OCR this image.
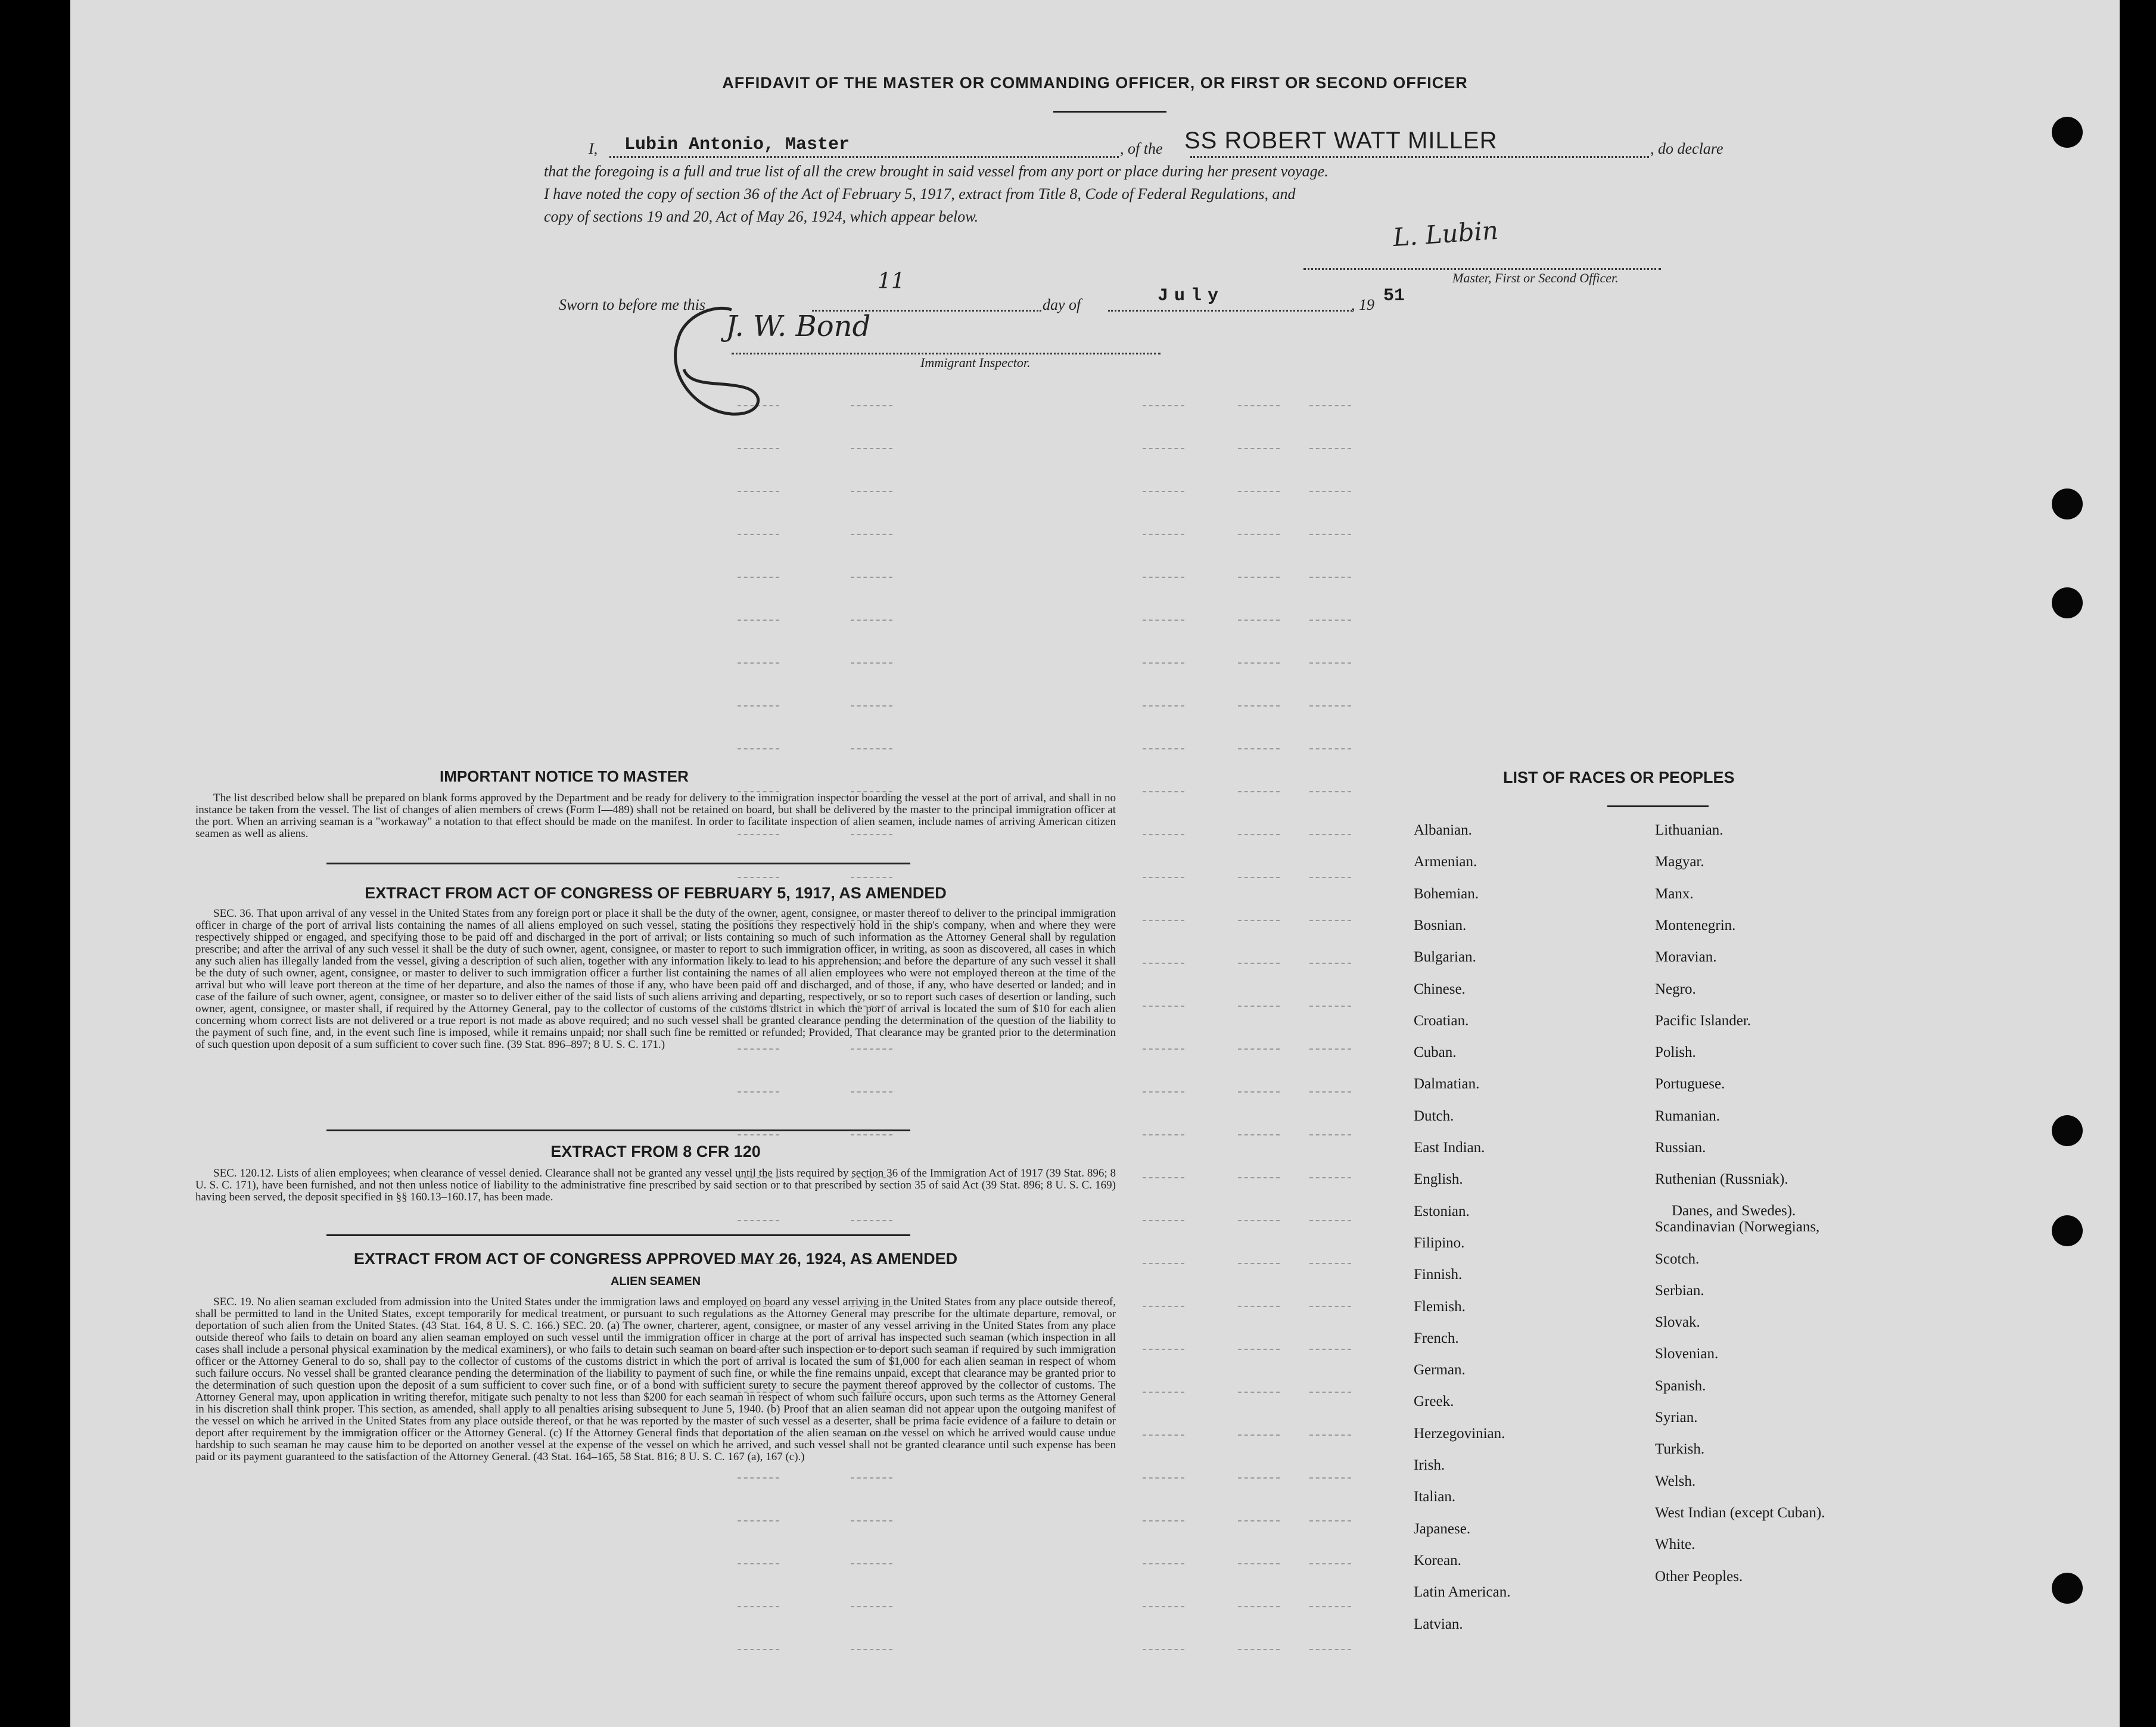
AFFIDAVIT OF THE MASTER OR COMMANDING OFFICER, OR FIRST OR SECOND OFFICER
I, Lubin Antonio, Master	, of the SS ROBERT WATT MILLER	, do declare
that the foregoing is a full and true list of all the crew brought in said vessel from any port or place during her present voyage.
I have noted the copy of section 36 of the Act of February 5, 1917, extract from Title 8, Code of Federal Regulations, and
copy of sections 19 and 20, Act of May 26, 1924, which appear below.	L. Lubin
Master, First or Second Officer.
Sworn to before me this
11
day of	July	, 19 51
J. W. Bond
Immigrant Inspector.
IMPORTANT NOTICE TO MASTER
The list described below shall be prepared on blank forms approved by the Department and be ready for delivery to the immigration inspector boarding the vessel at the port of arrival, and shall in no instance be taken from the vessel. The list of changes of alien members of crews (Form I—489) shall not be retained on board, but shall be delivered by the master to the principal immigration officer at the port. When an arriving seaman is a "workaway" a notation to that effect should be made on the manifest. In order to facilitate inspection of alien seamen, include names of arriving American citizen seamen as well as aliens.
EXTRACT FROM ACT OF CONGRESS OF FEBRUARY 5, 1917, AS AMENDED
SEC. 36. That upon arrival of any vessel in the United States from any foreign port or place it shall be the duty of the owner, agent, consignee, or master thereof to deliver to the principal immigration officer in charge of the port of arrival lists containing the names of all aliens employed on such vessel, stating the positions they respectively hold in the ship's company, when and where they were respectively shipped or engaged, and specifying those to be paid off and discharged in the port of arrival; or lists containing so much of such information as the Attorney General shall by regulation prescribe; and after the arrival of any such vessel it shall be the duty of such owner, agent, consignee, or master to report to such immigration officer, in writing, as soon as discovered, all cases in which any such alien has illegally landed from the vessel, giving a description of such alien, together with any information likely to lead to his apprehension; and before the departure of any such vessel it shall be the duty of such owner, agent, consignee, or master to deliver to such immigration officer a further list containing the names of all alien employees who were not employed thereon at the time of the arrival but who will leave port thereon at the time of her departure, and also the names of those if any, who have been paid off and discharged, and of those, if any, who have deserted or landed; and in case of the failure of such owner, agent, consignee, or master so to deliver either of the said lists of such aliens arriving and departing, respectively, or so to report such cases of desertion or landing, such owner, agent, consignee, or master shall, if required by the Attorney General, pay to the collector of customs of the customs district in which the port of arrival is located the sum of $10 for each alien concerning whom correct lists are not delivered or a true report is not made as above required; and no such vessel shall be granted clearance pending the determination of the question of the liability to the payment of such fine, and, in the event such fine is imposed, while it remains unpaid; nor shall such fine be remitted or refunded; Provided, That clearance may be granted prior to the determination of such question upon deposit of a sum sufficient to cover such fine. (39 Stat. 896–897; 8 U. S. C. 171.)
EXTRACT FROM 8 CFR 120
SEC. 120.12. Lists of alien employees; when clearance of vessel denied. Clearance shall not be granted any vessel until the lists required by section 36 of the Immigration Act of 1917 (39 Stat. 896; 8 U. S. C. 171), have been furnished, and not then unless notice of liability to the administrative fine prescribed by said section or to that prescribed by section 35 of said Act (39 Stat. 896; 8 U. S. C. 169) having been served, the deposit specified in §§ 160.13–160.17, has been made.
EXTRACT FROM ACT OF CONGRESS APPROVED MAY 26, 1924, AS AMENDED
ALIEN SEAMEN
SEC. 19. No alien seaman excluded from admission into the United States under the immigration laws and employed on board any vessel arriving in the United States from any place outside thereof, shall be permitted to land in the United States, except temporarily for medical treatment, or pursuant to such regulations as the Attorney General may prescribe for the ultimate departure, removal, or deportation of such alien from the United States. (43 Stat. 164, 8 U. S. C. 166.) SEC. 20. (a) The owner, charterer, agent, consignee, or master of any vessel arriving in the United States from any place outside thereof who fails to detain on board any alien seaman employed on such vessel until the immigration officer in charge at the port of arrival has inspected such seaman (which inspection in all cases shall include a personal physical examination by the medical examiners), or who fails to detain such seaman on board after such inspection or to deport such seaman if required by such immigration officer or the Attorney General to do so, shall pay to the collector of customs of the customs district in which the port of arrival is located the sum of $1,000 for each alien seaman in respect of whom such failure occurs. No vessel shall be granted clearance pending the determination of the liability to payment of such fine, or while the fine remains unpaid, except that clearance may be granted prior to the determination of such question upon the deposit of a sum sufficient to cover such fine, or of a bond with sufficient surety to secure the payment thereof approved by the collector of customs. The Attorney General may, upon application in writing therefor, mitigate such penalty to not less than $200 for each seaman in respect of whom such failure occurs, upon such terms as the Attorney General in his discretion shall think proper. This section, as amended, shall apply to all penalties arising subsequent to June 5, 1940. (b) Proof that an alien seaman did not appear upon the outgoing manifest of the vessel on which he arrived in the United States from any place outside thereof, or that he was reported by the master of such vessel as a deserter, shall be prima facie evidence of a failure to detain or deport after requirement by the immigration officer or the Attorney General. (c) If the Attorney General finds that deportation of the alien seaman on the vessel on which he arrived would cause undue hardship to such seaman he may cause him to be deported on another vessel at the expense of the vessel on which he arrived, and such vessel shall not be granted clearance until such expense has been paid or its payment guaranteed to the satisfaction of the Attorney General. (43 Stat. 164–165, 58 Stat. 816; 8 U. S. C. 167 (a), 167 (c).)
LIST OF RACES OR PEOPLES
Albanian.
Armenian.
Bohemian.
Bosnian.
Bulgarian.
Chinese.
Croatian.
Cuban.
Dalmatian.
Dutch.
East Indian.
English.
Estonian.
Filipino.
Finnish.
Flemish.
French.
German.
Greek.
Herzegovinian.
Irish.
Italian.
Japanese.
Korean.
Latin American.
Latvian.
Lithuanian.
Magyar.
Manx.
Montenegrin.
Moravian.
Negro.
Pacific Islander.
Polish.
Portuguese.
Rumanian.
Russian.
Ruthenian (Russniak).
Scandinavian (Norwegians,
Danes, and Swedes).
Scotch.
Serbian.
Slovak.
Slovenian.
Spanish.
Syrian.
Turkish.
Welsh.
West Indian (except Cuban).
White.
Other Peoples.
